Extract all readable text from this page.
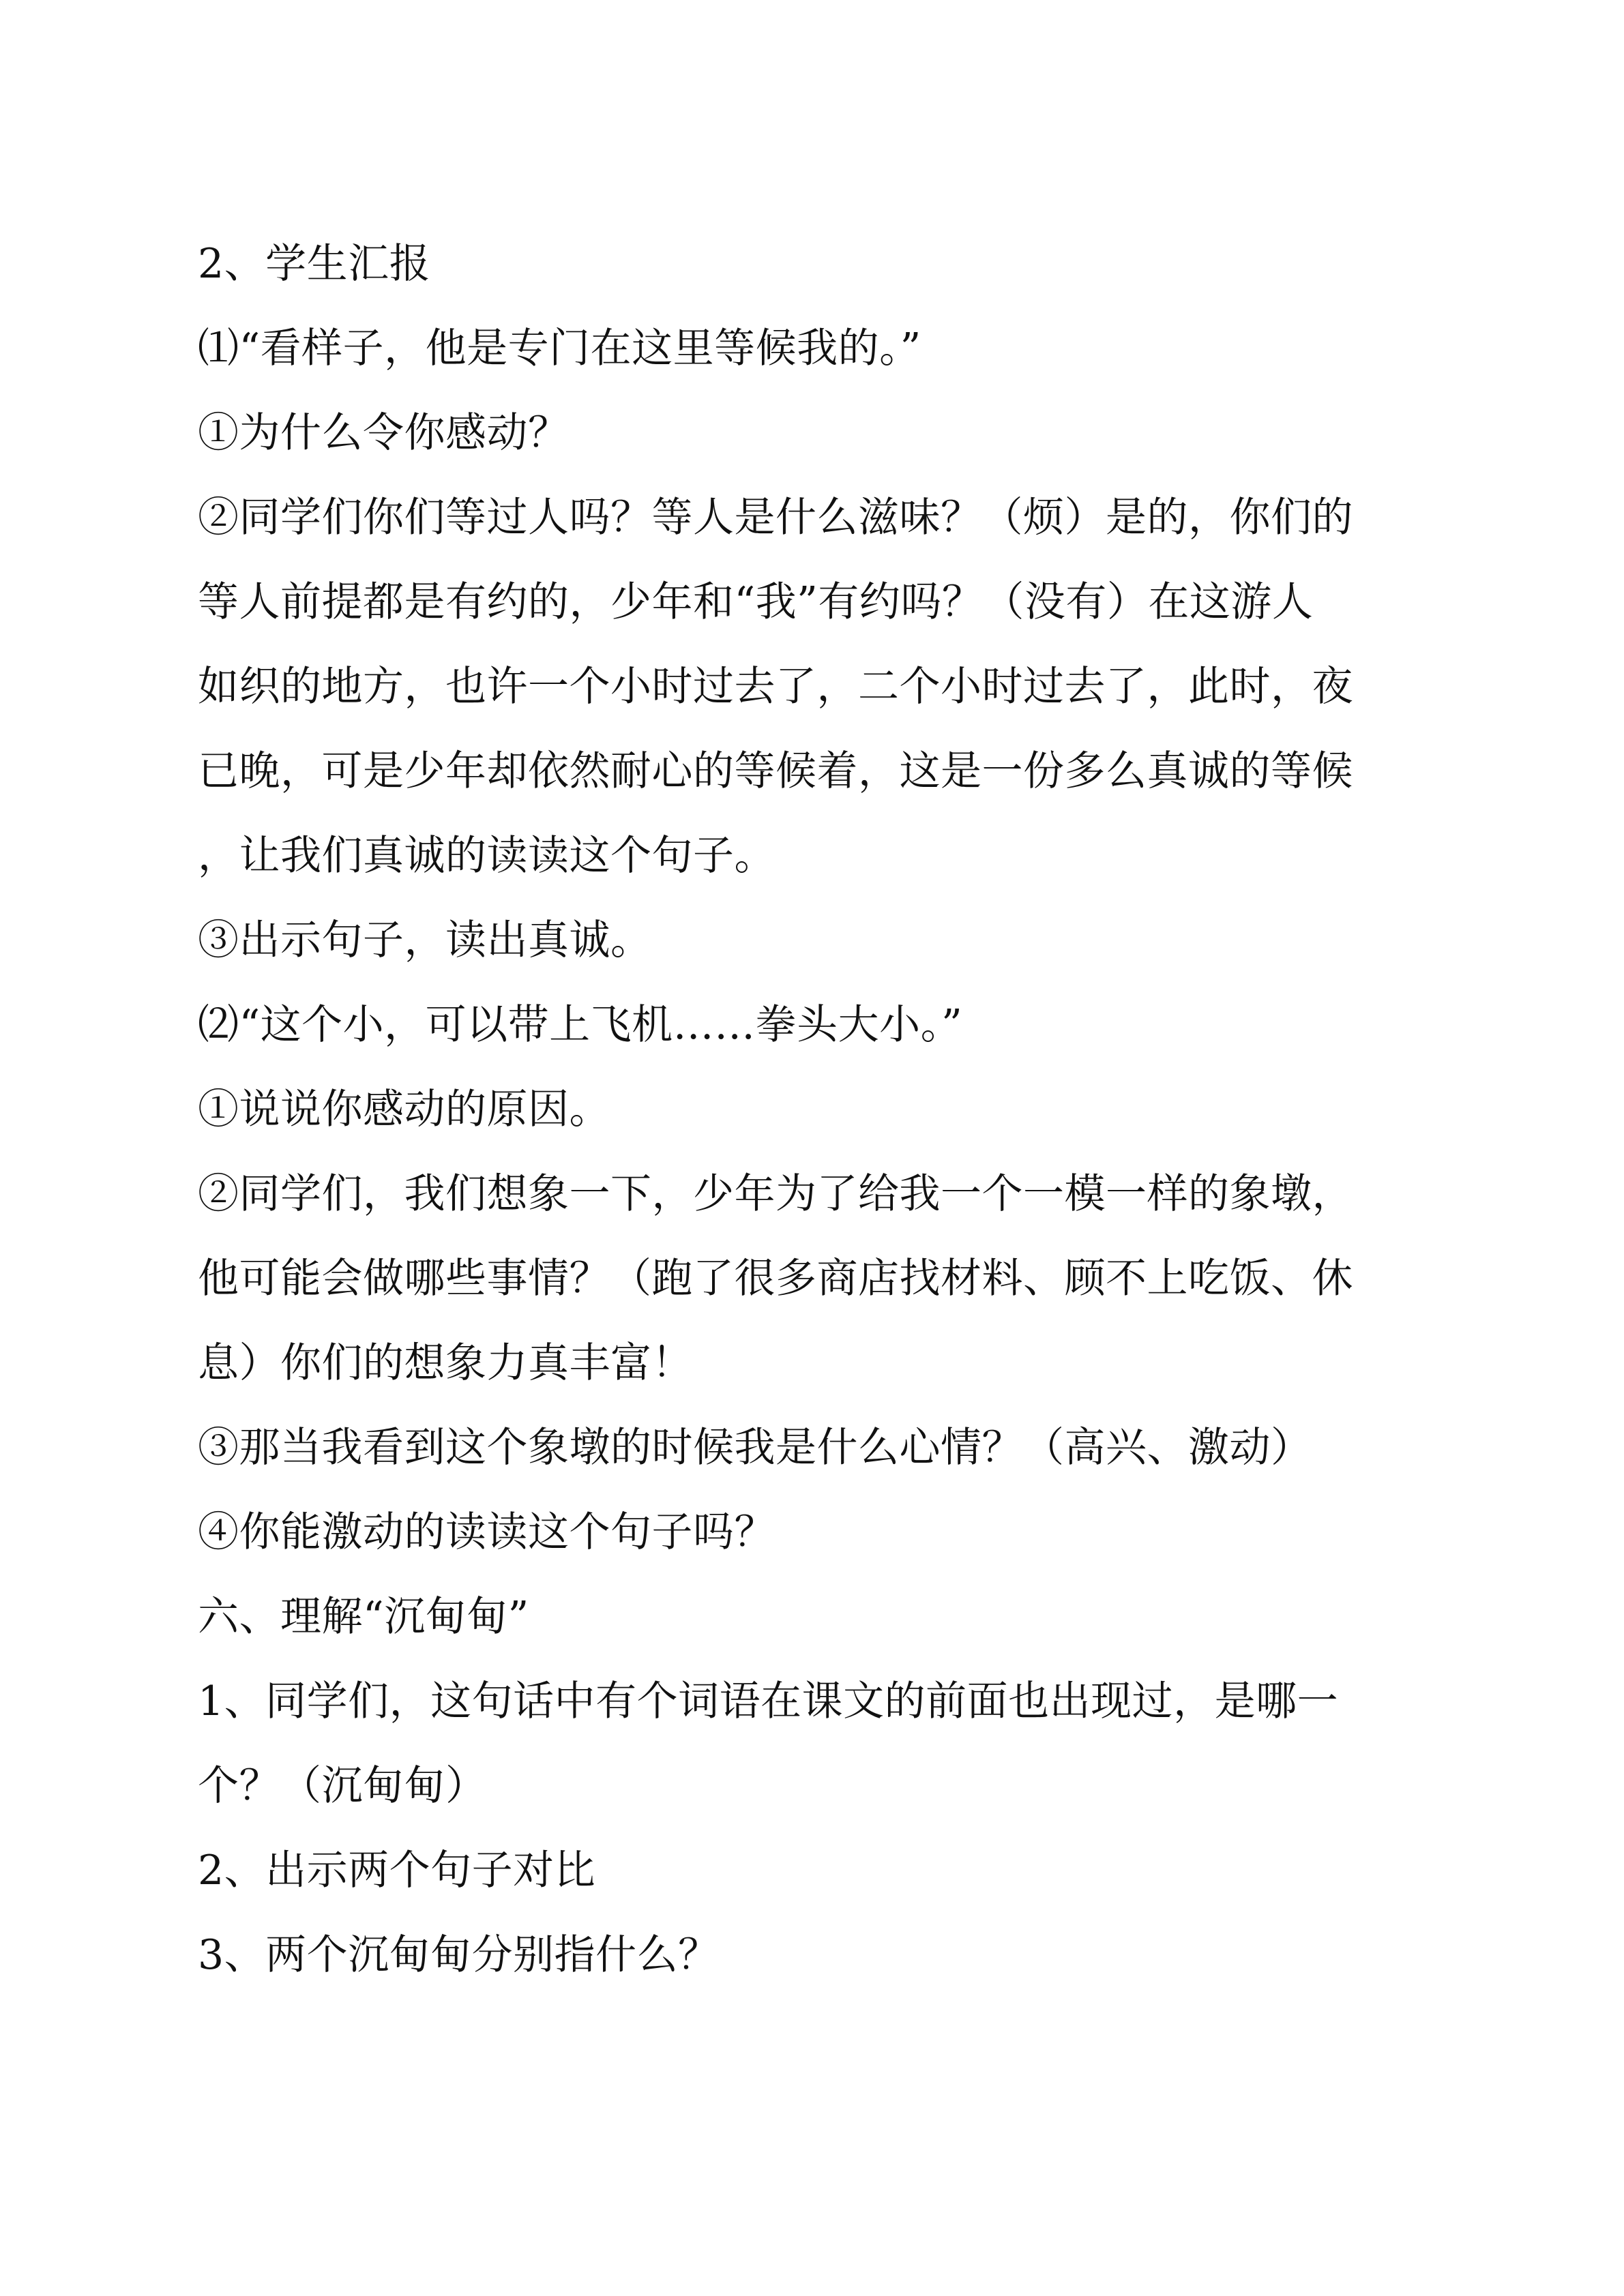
2、学生汇报
⑴“看样子，他是专门在这里等候我的。”
①为什么令你感动？
②同学们你们等过人吗？等人是什么滋味？（烦）是的，你们的
等人前提都是有约的，少年和“我”有约吗？（没有）在这游人
如织的地方，也许一个小时过去了，二个小时过去了，此时，夜
已晚，可是少年却依然耐心的等候着，这是一份多么真诚的等候
，让我们真诚的读读这个句子。
③出示句子，读出真诚。
⑵“这个小，可以带上飞机……拳头大小。”
①说说你感动的原因。
②同学们，我们想象一下，少年为了给我一个一模一样的象墩，
他可能会做哪些事情？（跑了很多商店找材料、顾不上吃饭、休
息）你们的想象力真丰富！
③那当我看到这个象墩的时候我是什么心情？（高兴、激动）
④你能激动的读读这个句子吗？
六、理解“沉甸甸”
1、同学们，这句话中有个词语在课文的前面也出现过，是哪一
个？（沉甸甸）
2、出示两个句子对比
3、两个沉甸甸分别指什么？
